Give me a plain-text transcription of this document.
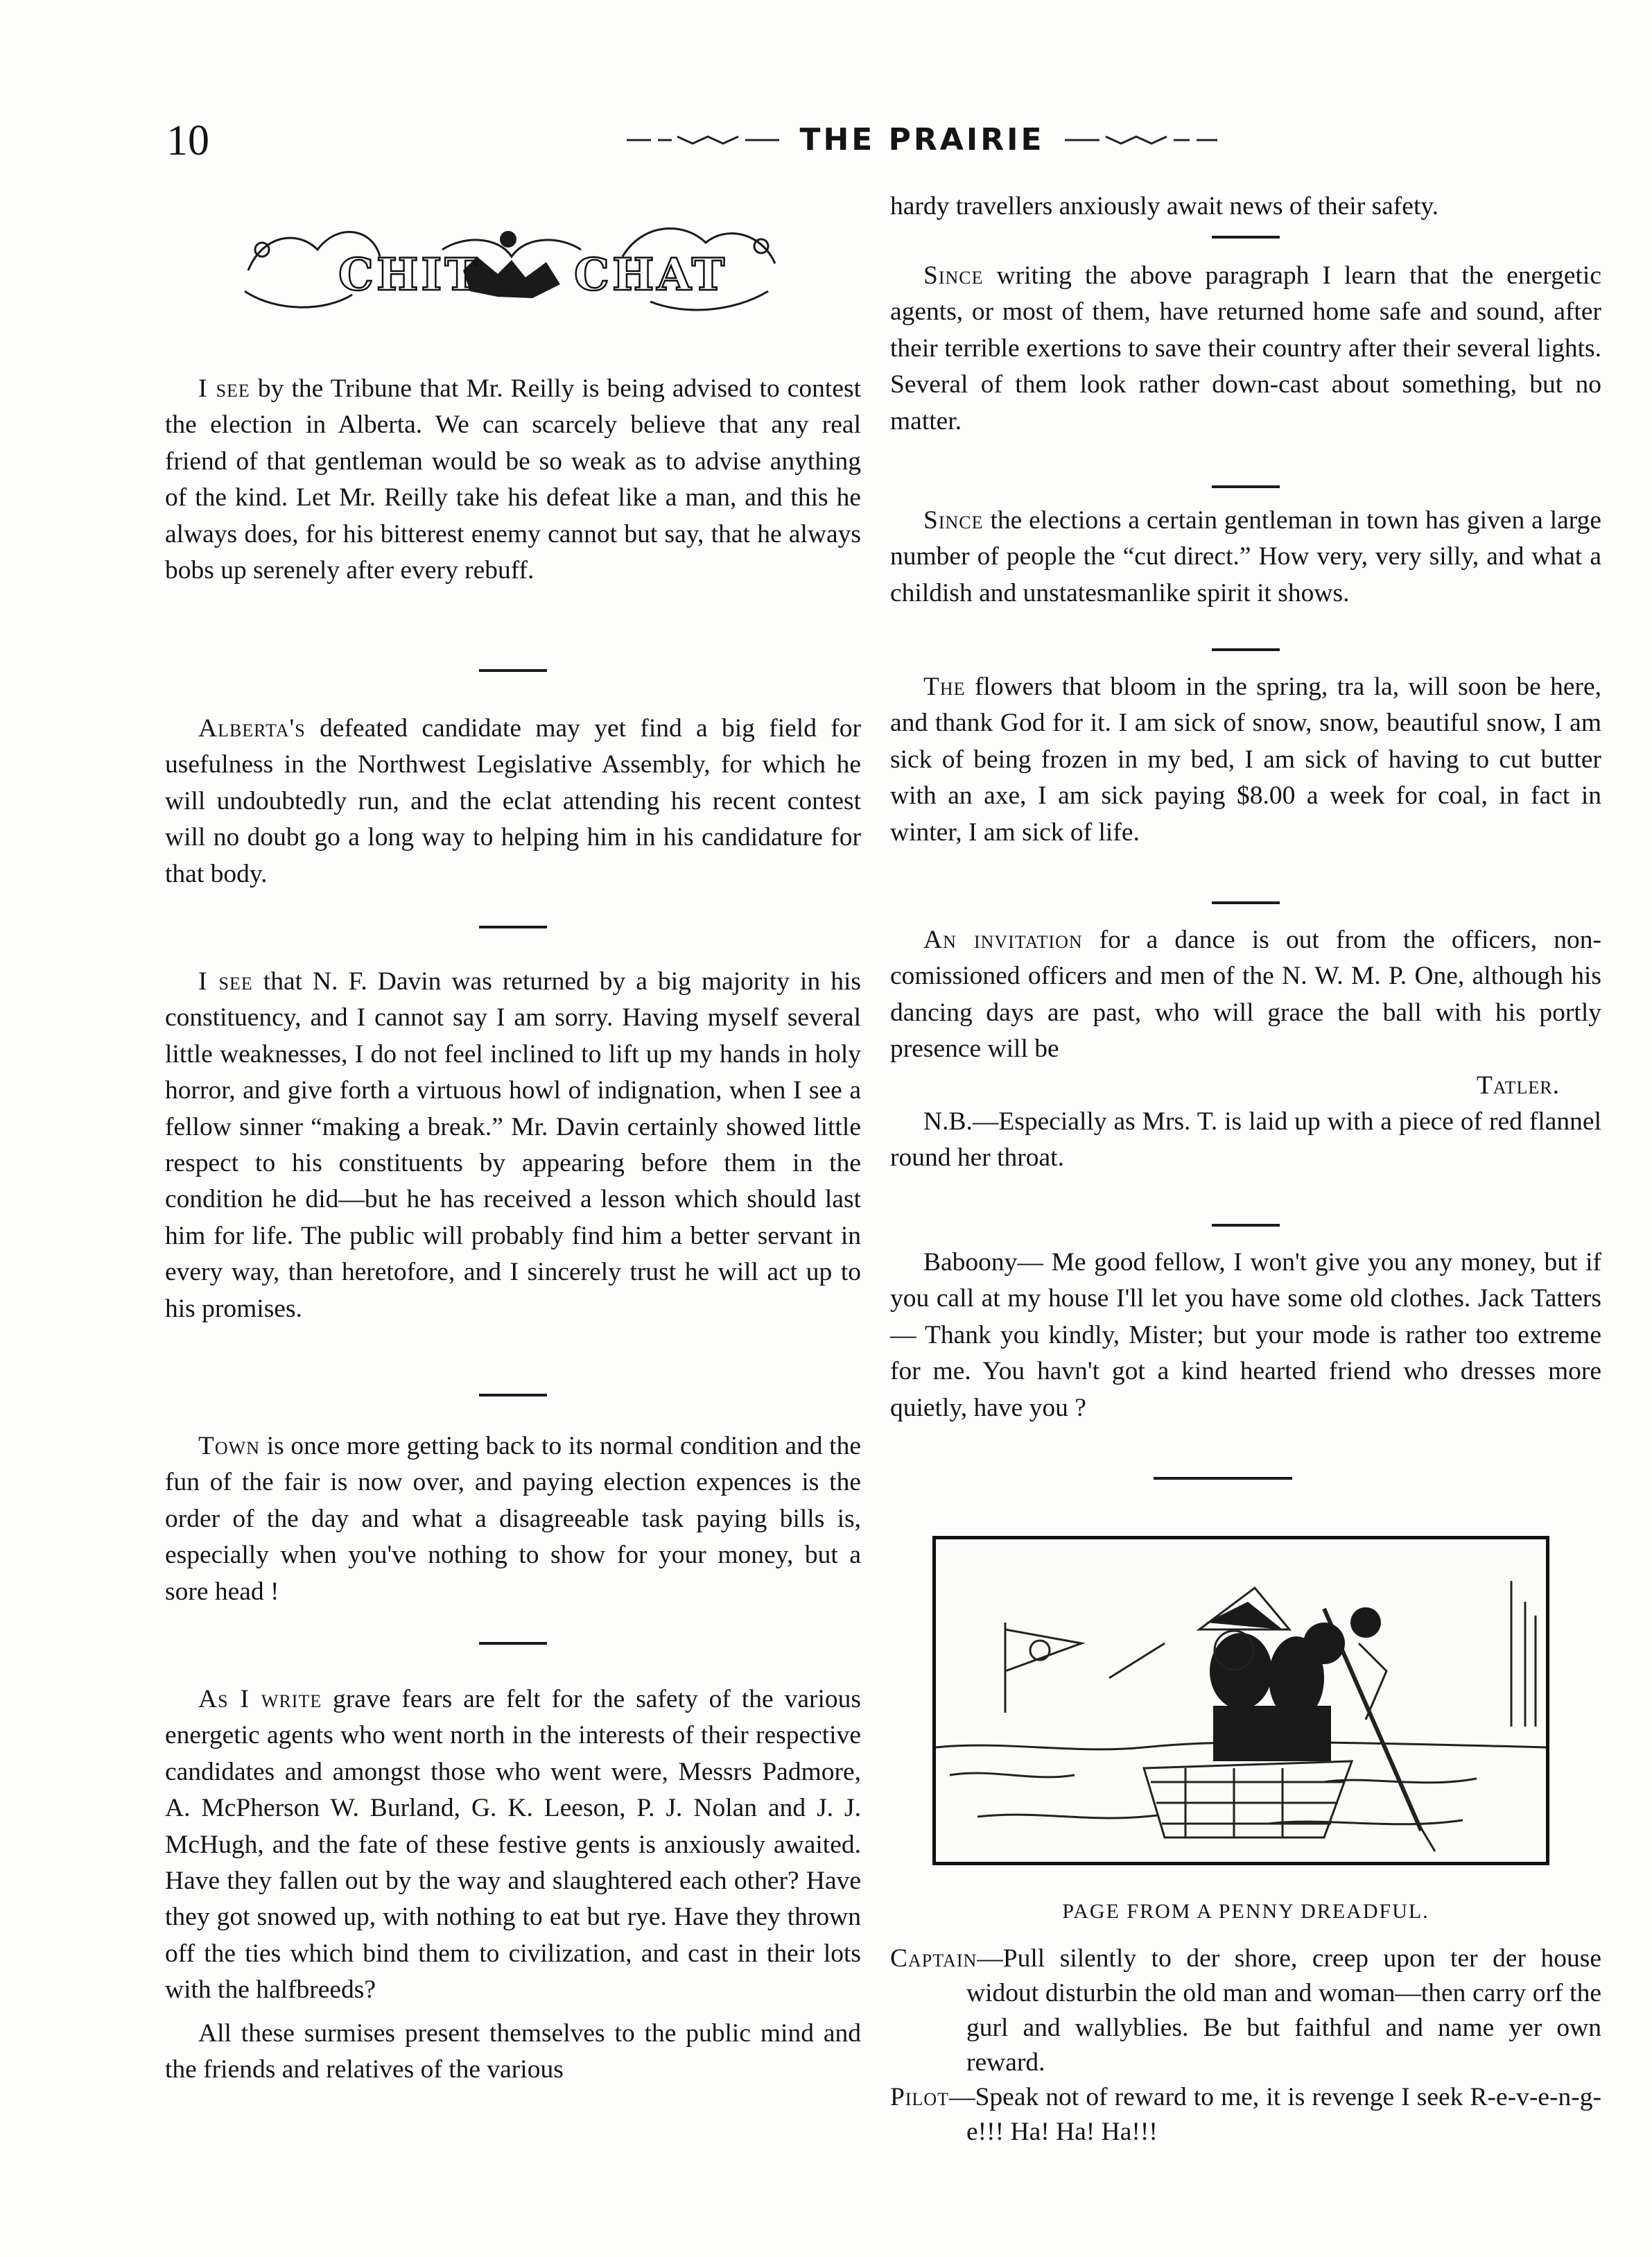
10	THE PRAIRIE
CHIT CHAT

I see by the Tribune that Mr. Reilly is being advised to contest the election in Alberta. We can scarcely believe that any real friend of that gentleman would be so weak as to advise anything of the kind. Let Mr. Reilly take his defeat like a man, and this he always does, for his bitterest enemy cannot but say, that he always bobs up serenely after every rebuff.

Alberta's defeated candidate may yet find a big field for usefulness in the Northwest Legislative Assembly, for which he will undoubtedly run, and the eclat attending his recent contest will no doubt go a long way to helping him in his candidature for that body.

I see that N. F. Davin was returned by a big majority in his constituency, and I cannot say I am sorry. Having myself several little weaknesses, I do not feel inclined to lift up my hands in holy horror, and give forth a virtuous howl of indignation, when I see a fellow sinner “making a break.” Mr. Davin certainly showed little respect to his constituents by appearing before them in the condition he did—but he has received a lesson which should last him for life. The public will probably find him a better servant in every way, than heretofore, and I sincerely trust he will act up to his promises.

Town is once more getting back to its normal condition and the fun of the fair is now over, and paying election expences is the order of the day and what a disagreeable task paying bills is, especially when you've nothing to show for your money, but a sore head !

As I write grave fears are felt for the safety of the various energetic agents who went north in the interests of their respective candidates and amongst those who went were, Messrs Padmore, A. McPherson W. Burland, G. K. Leeson, P. J. Nolan and J. J. McHugh, and the fate of these festive gents is anxiously awaited. Have they fallen out by the way and slaughtered each other? Have they got snowed up, with nothing to eat but rye. Have they thrown off the ties which bind them to civilization, and cast in their lots with the halfbreeds?

All these surmises present themselves to the public mind and the friends and relatives of the various

hardy travellers anxiously await news of their safety.

Since writing the above paragraph I learn that the energetic agents, or most of them, have returned home safe and sound, after their terrible exertions to save their country after their several lights. Several of them look rather down-cast about something, but no matter.

Since the elections a certain gentleman in town has given a large number of people the “cut direct.” How very, very silly, and what a childish and unstatesmanlike spirit it shows.

The flowers that bloom in the spring, tra la, will soon be here, and thank God for it. I am sick of snow, snow, beautiful snow, I am sick of being frozen in my bed, I am sick of having to cut butter with an axe, I am sick paying $8.00 a week for coal, in fact in winter, I am sick of life.

An invitation for a dance is out from the officers, non-comissioned officers and men of the N. W. M. P. One, although his dancing days are past, who will grace the ball with his portly presence will be

Tatler.

N.B.—Especially as Mrs. T. is laid up with a piece of red flannel round her throat.

Baboony— Me good fellow, I won't give you any money, but if you call at my house I'll let you have some old clothes. Jack Tatters— Thank you kindly, Mister; but your mode is rather too extreme for me. You havn't got a kind hearted friend who dresses more quietly, have you ?

PAGE FROM A PENNY DREADFUL.

Captain—Pull silently to der shore, creep upon ter der house widout disturbin the old man and woman—then carry orf the gurl and wallyblies. Be but faithful and name yer own reward.

Pilot—Speak not of reward to me, it is revenge I seek R-e-v-e-n-g-e!!! Ha! Ha! Ha!!!
